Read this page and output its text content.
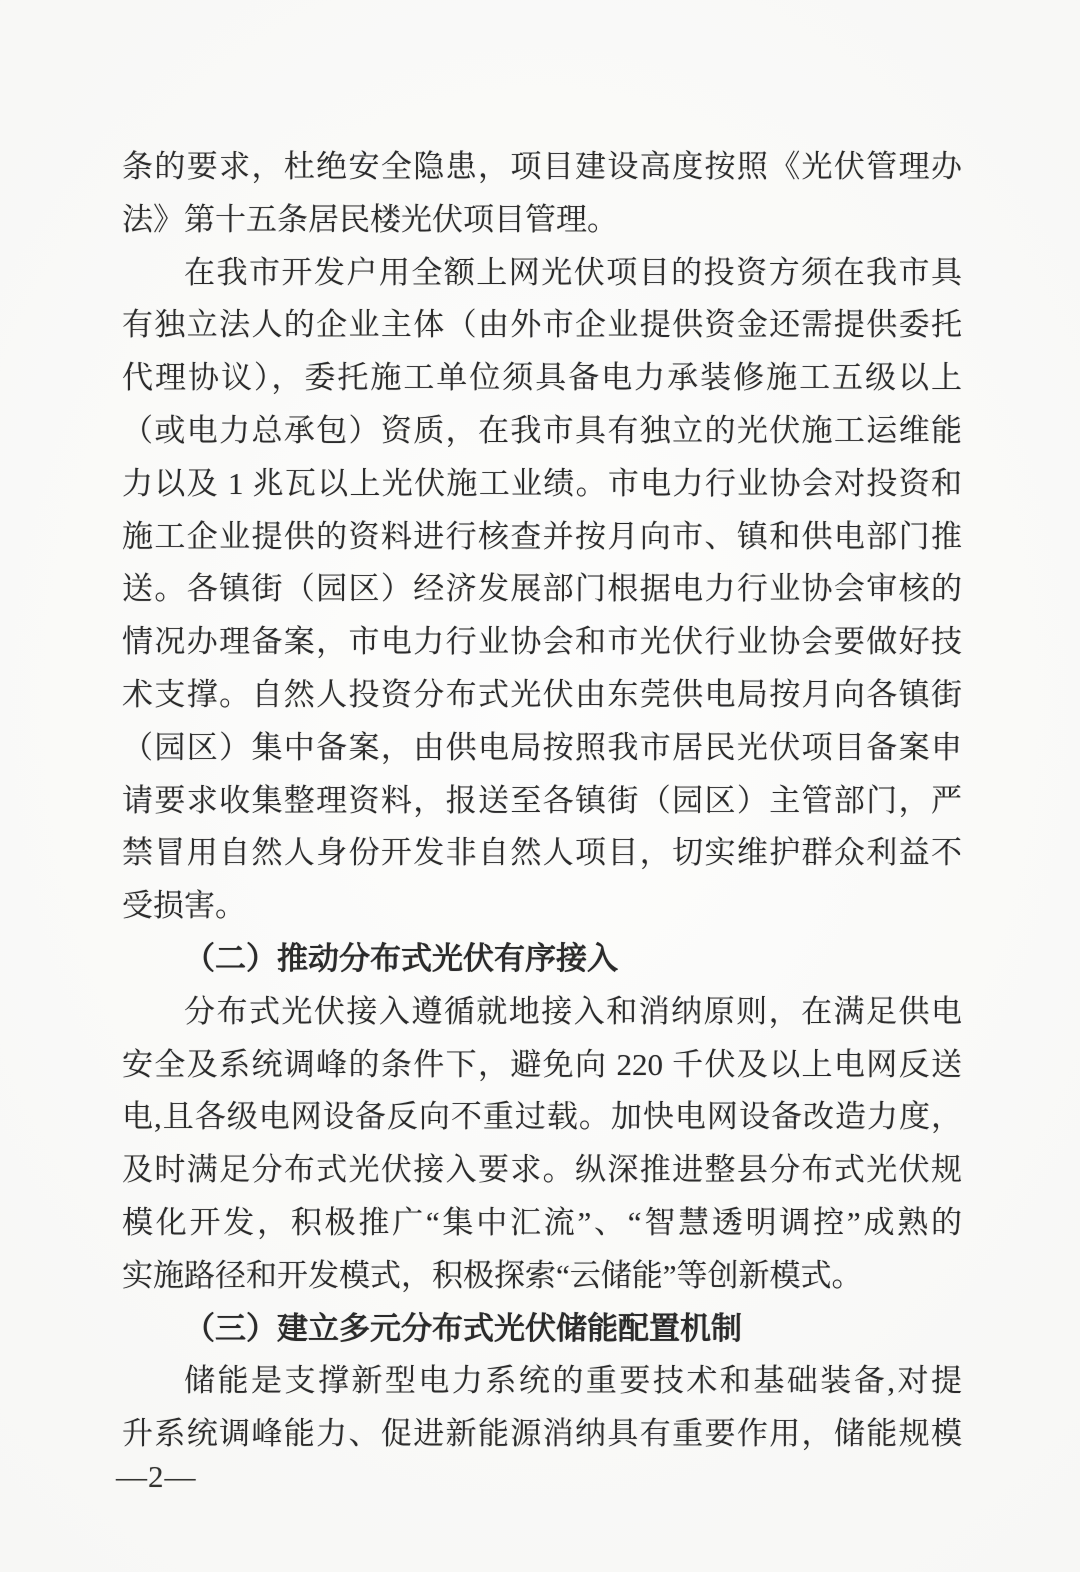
条的要求，杜绝安全隐患，项目建设高度按照《光伏管理办
法》第十五条居民楼光伏项目管理。
在我市开发户用全额上网光伏项目的投资方须在我市具
有独立法人的企业主体（由外市企业提供资金还需提供委托
代理协议），委托施工单位须具备电力承装修施工五级以上
（或电力总承包）资质，在我市具有独立的光伏施工运维能
力以及 1 兆瓦以上光伏施工业绩。市电力行业协会对投资和
施工企业提供的资料进行核查并按月向市、镇和供电部门推
送。各镇街（园区）经济发展部门根据电力行业协会审核的
情况办理备案，市电力行业协会和市光伏行业协会要做好技
术支撑。自然人投资分布式光伏由东莞供电局按月向各镇街
（园区）集中备案，由供电局按照我市居民光伏项目备案申
请要求收集整理资料，报送至各镇街（园区）主管部门，严
禁冒用自然人身份开发非自然人项目，切实维护群众利益不
受损害。
（二）推动分布式光伏有序接入
分布式光伏接入遵循就地接入和消纳原则，在满足供电
安全及系统调峰的条件下，避免向 220 千伏及以上电网反送
电,且各级电网设备反向不重过载。加快电网设备改造力度，
及时满足分布式光伏接入要求。纵深推进整县分布式光伏规
模化开发，积极推广“集中汇流”、“智慧透明调控”成熟的
实施路径和开发模式，积极探索“云储能”等创新模式。
（三）建立多元分布式光伏储能配置机制
储能是支撑新型电力系统的重要技术和基础装备,对提
升系统调峰能力、促进新能源消纳具有重要作用，储能规模
—2—
